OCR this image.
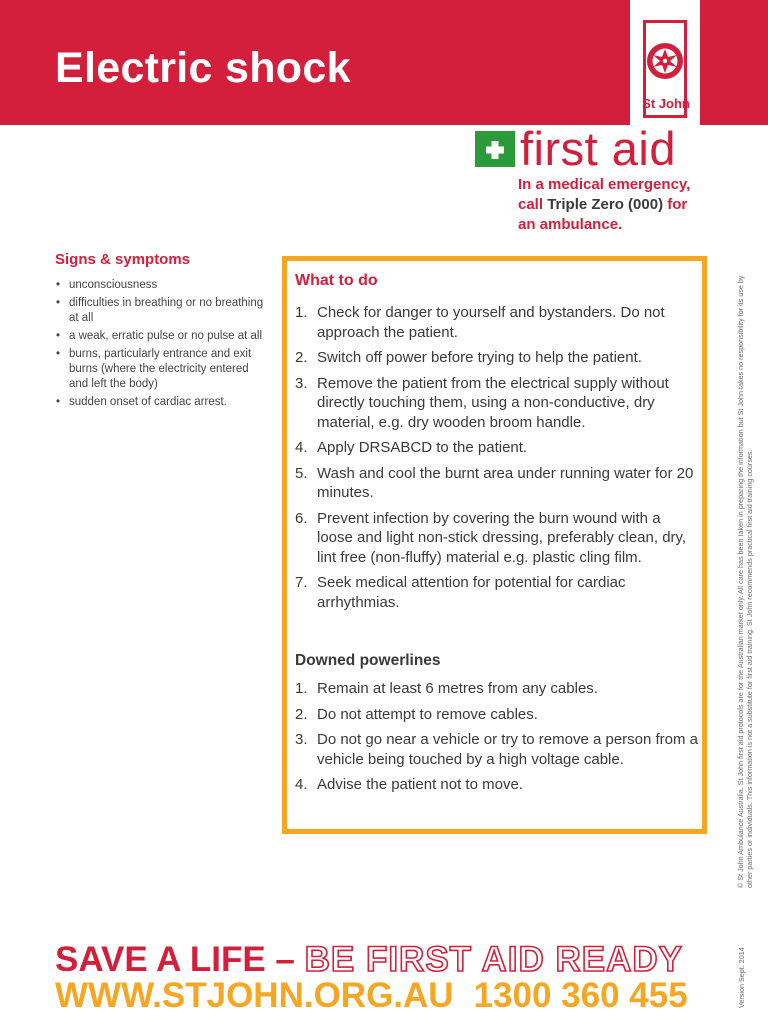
Electric shock
St John
first aid
In a medical emergency,
call Triple Zero (000) for
an ambulance.
Signs & symptoms
• unconsciousness
• difficulties in breathing or no breathing at all
• a weak, erratic pulse or no pulse at all
• burns, particularly entrance and exit burns (where the electricity entered and left the body)
• sudden onset of cardiac arrest.
What to do
1. Check for danger to yourself and bystanders. Do not approach the patient.
2. Switch off power before trying to help the patient.
3. Remove the patient from the electrical supply without directly touching them, using a non-conductive, dry material, e.g. dry wooden broom handle.
4. Apply DRSABCD to the patient.
5. Wash and cool the burnt area under running water for 20 minutes.
6. Prevent infection by covering the burn wound with a loose and light non-stick dressing, preferably clean, dry, lint free (non-fluffy) material e.g. plastic cling film.
7. Seek medical attention for potential for cardiac arrhythmias.
Downed powerlines
1. Remain at least 6 metres from any cables.
2. Do not attempt to remove cables.
3. Do not go near a vehicle or try to remove a person from a vehicle being touched by a high voltage cable.
4. Advise the patient not to move.	© St John Ambulance Australia. St John first aid protocols are for the Australian market only. All care has been taken in preparing the information but St John takes no responsibility for its use by other parties or individuals. This information is not a substitute for first aid training. St John recommends practical first aid training courses.
Version Sept. 2014
SAVE A LIFE – BE FIRST AID READY
WWW.STJOHN.ORG.AU 1300 360 455
